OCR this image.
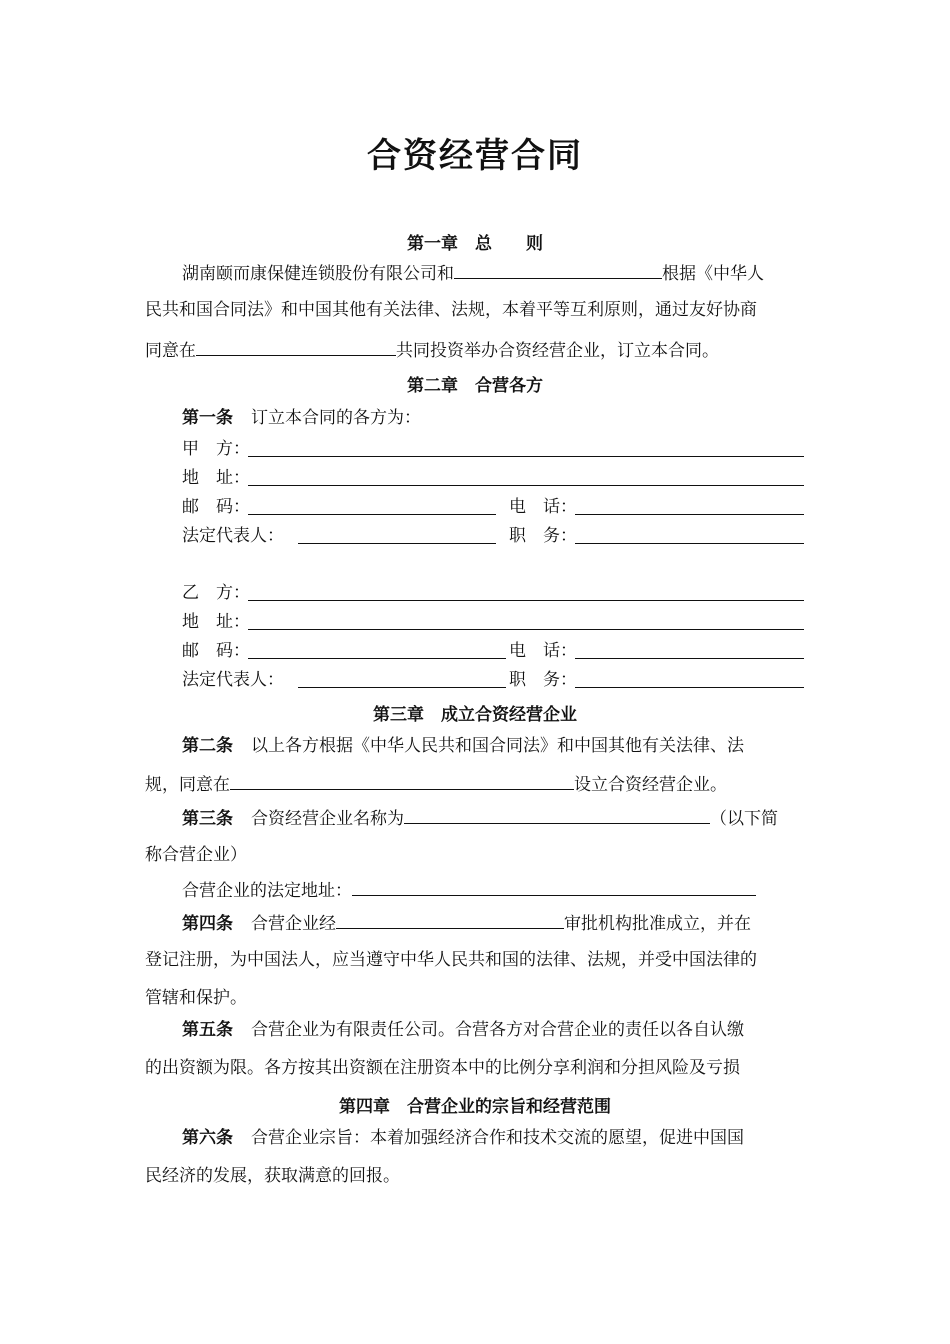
合资经营合同
第一章　总　　则
湖南颐而康保健连锁股份有限公司和	根据《中华人
民共和国合同法》和中国其他有关法律、法规，本着平等互利原则，通过友好协商
同意在	共同投资举办合资经营企业，订立本合同。
第二章　合营各方
第一条 订立本合同的各方为：
甲　方：
地　址：
邮　码：	电　话：
法定代表人：	职　务：
乙　方：
地　址：
邮　码：	电　话：
法定代表人：	职　务：
第三章　成立合资经营企业
第二条 以上各方根据《中华人民共和国合同法》和中国其他有关法律、法
规，同意在	设立合资经营企业。
第三条 合资经营企业名称为	（以下简
称合营企业）
合营企业的法定地址：
第四条 合营企业经	审批机构批准成立，并在
登记注册，为中国法人，应当遵守中华人民共和国的法律、法规，并受中国法律的
管辖和保护。
第五条 合营企业为有限责任公司。合营各方对合营企业的责任以各自认缴
的出资额为限。各方按其出资额在注册资本中的比例分享利润和分担风险及亏损
第四章　合营企业的宗旨和经营范围
第六条 合营企业宗旨：本着加强经济合作和技术交流的愿望，促进中国国
民经济的发展，获取满意的回报。
